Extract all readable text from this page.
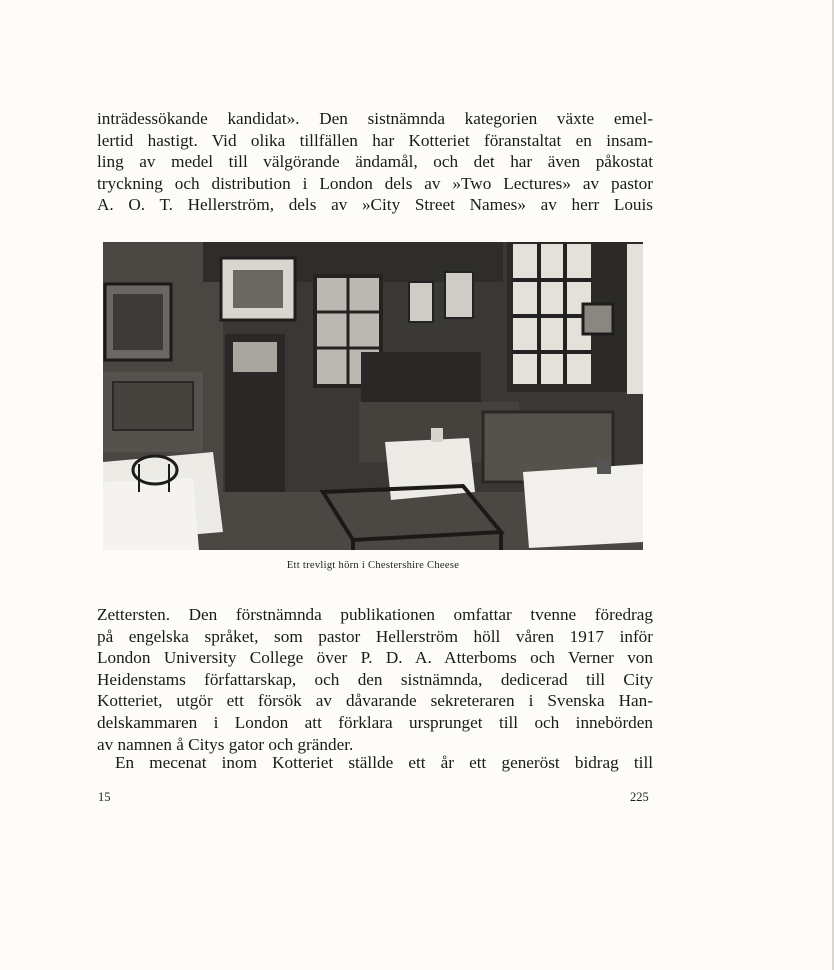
inträdessökande kandidat». Den sistnämnda kategorien växte emel-
lertid hastigt. Vid olika tillfällen har Kotteriet föranstaltat en insam-
ling av medel till välgörande ändamål, och det har även påkostat
tryckning och distribution i London dels av »Two Lectures» av pastor
A. O. T. Hellerström, dels av »City Street Names» av herr Louis
Ett trevligt hörn i Chestershire Cheese
Zettersten. Den förstnämnda publikationen omfattar tvenne föredrag
på engelska språket, som pastor Hellerström höll våren 1917 inför
London University College över P. D. A. Atterboms och Verner von
Heidenstams författarskap, och den sistnämnda, dedicerad till City
Kotteriet, utgör ett försök av dåvarande sekreteraren i Svenska Han-
delskammaren i London att förklara ursprunget till och innebörden
av namnen å Citys gator och gränder.
En mecenat inom Kotteriet ställde ett år ett generöst bidrag till
15	225
